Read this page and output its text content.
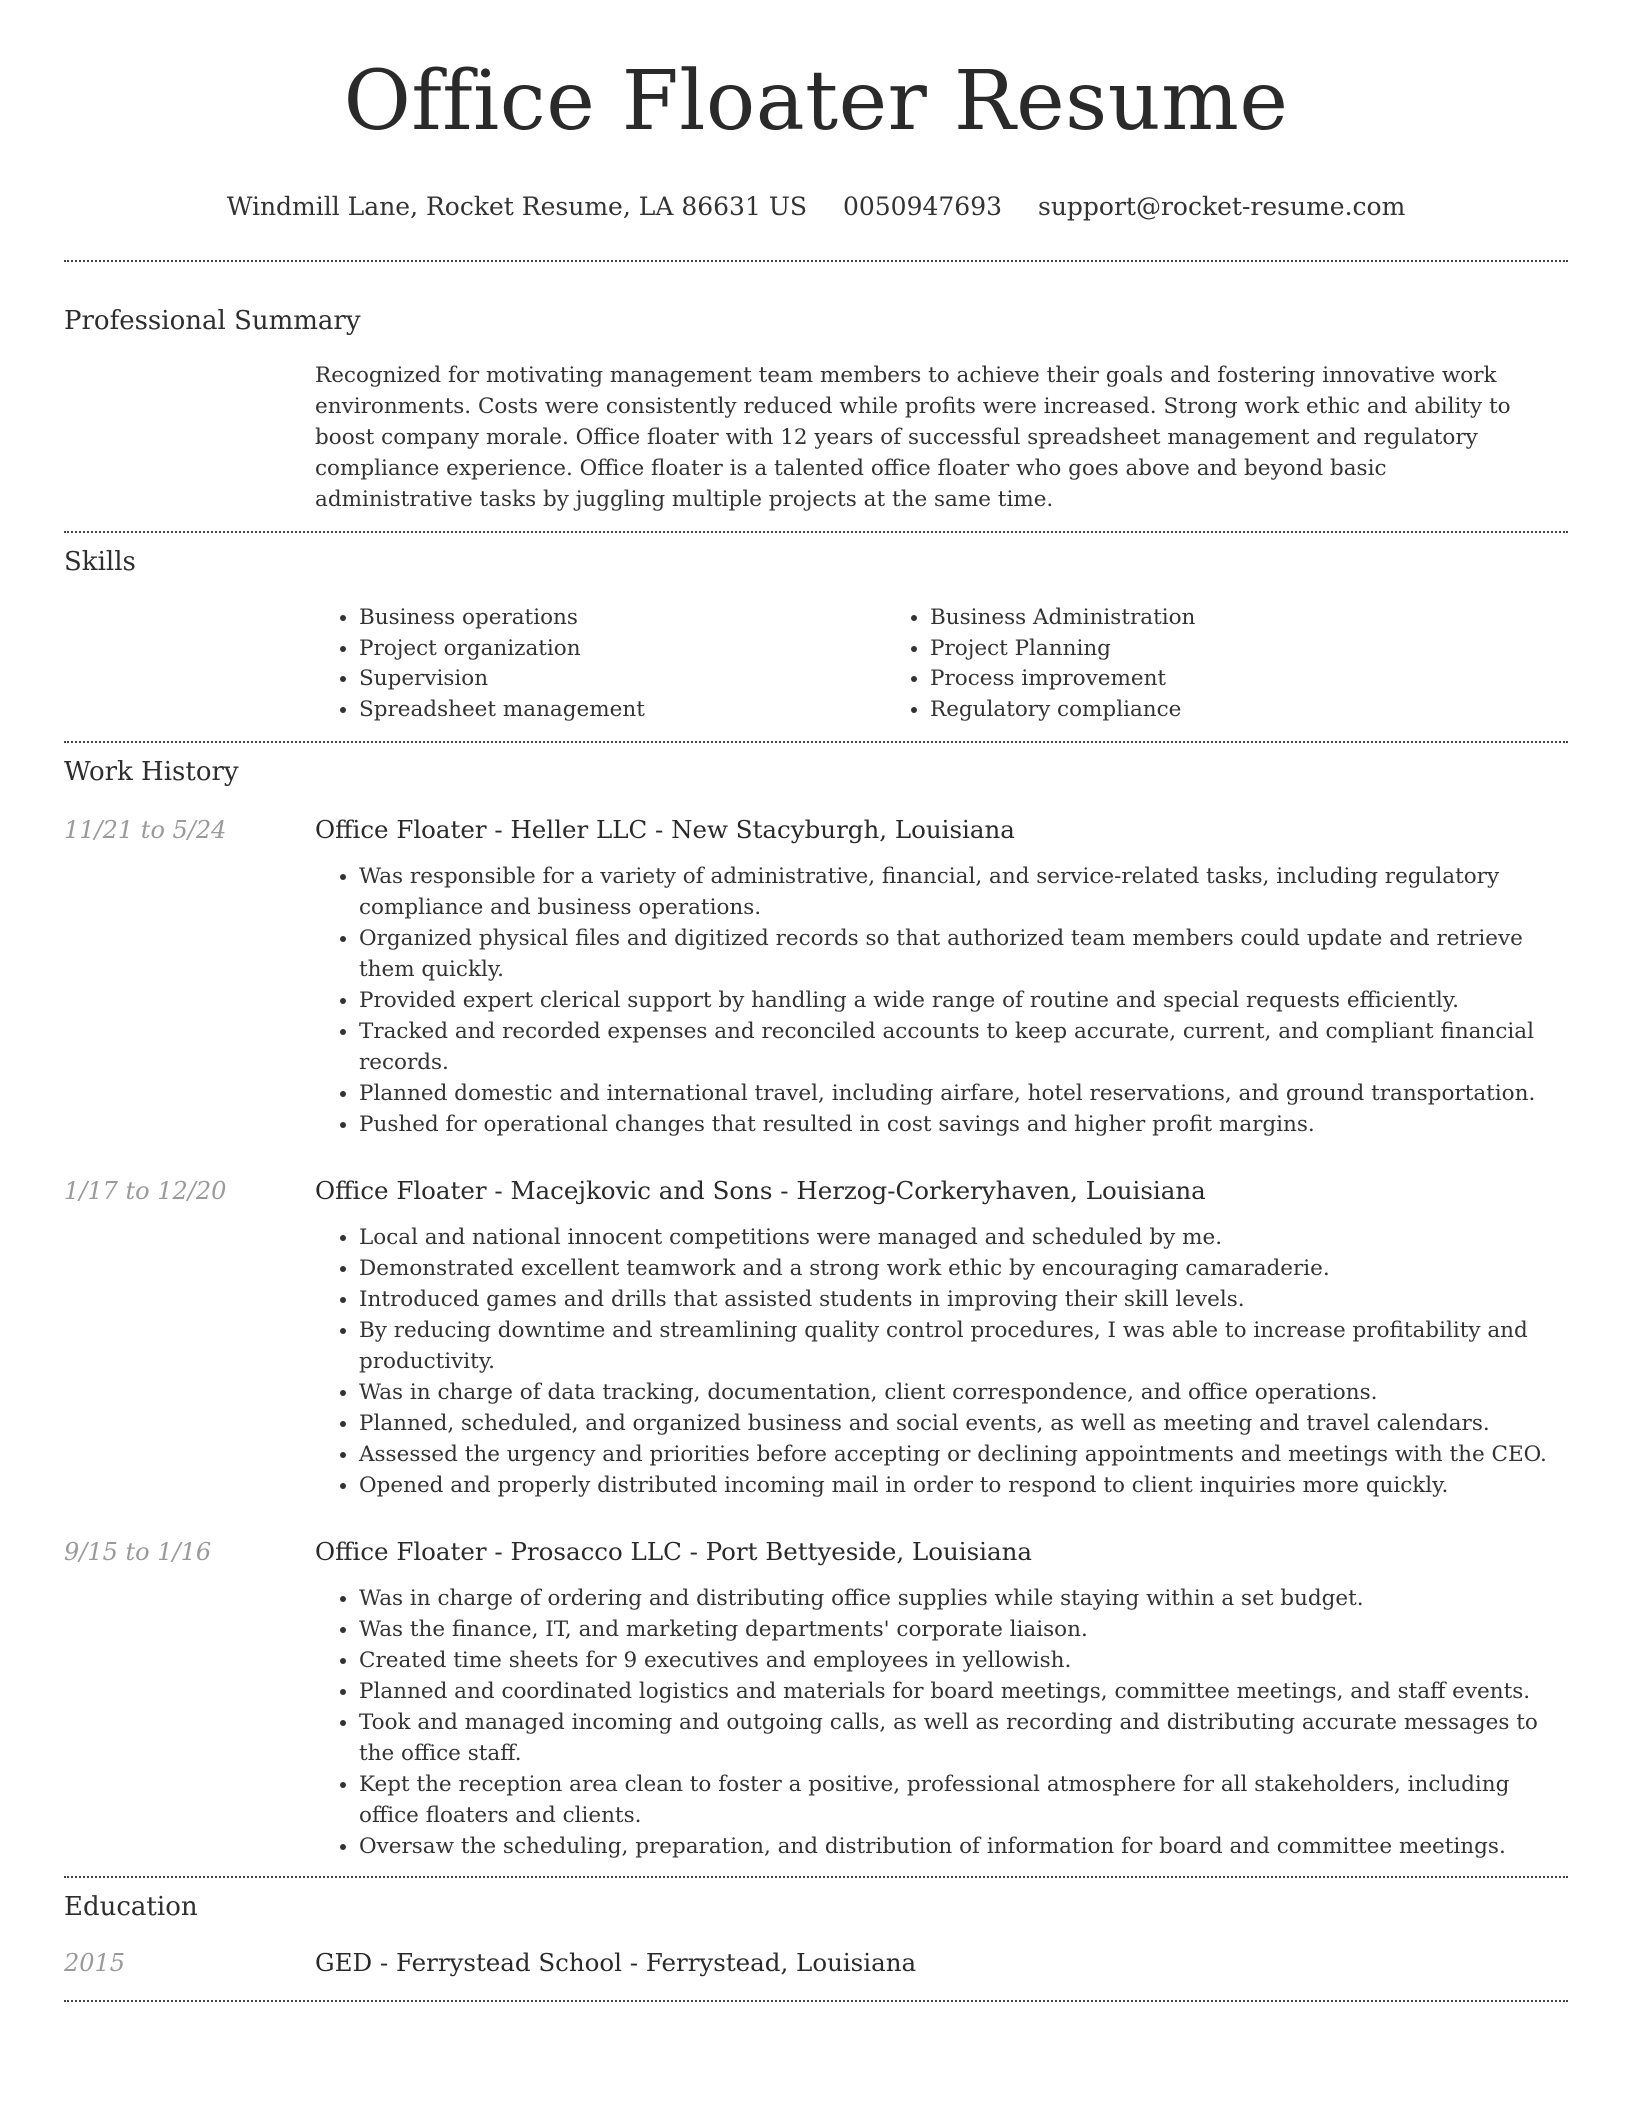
Office Floater Resume
Windmill Lane, Rocket Resume, LA 86631 US 0050947693 support@rocket-resume.com
Professional Summary
Recognized for motivating management team members to achieve their goals and fostering innovative work environments. Costs were consistently reduced while profits were increased. Strong work ethic and ability to boost company morale. Office floater with 12 years of successful spreadsheet management and regulatory compliance experience. Office floater is a talented office floater who goes above and beyond basic administrative tasks by juggling multiple projects at the same time.
Skills
• Business operations
• Project organization
• Supervision
• Spreadsheet management
• Business Administration
• Project Planning
• Process improvement
• Regulatory compliance
Work History
11/21 to 5/24	Office Floater - Heller LLC - New Stacyburgh, Louisiana
• Was responsible for a variety of administrative, financial, and service-related tasks, including regulatory compliance and business operations.
• Organized physical files and digitized records so that authorized team members could update and retrieve them quickly.
• Provided expert clerical support by handling a wide range of routine and special requests efficiently.
• Tracked and recorded expenses and reconciled accounts to keep accurate, current, and compliant financial records.
• Planned domestic and international travel, including airfare, hotel reservations, and ground transportation.
• Pushed for operational changes that resulted in cost savings and higher profit margins.
1/17 to 12/20	Office Floater - Macejkovic and Sons - Herzog-Corkeryhaven, Louisiana
• Local and national innocent competitions were managed and scheduled by me.
• Demonstrated excellent teamwork and a strong work ethic by encouraging camaraderie.
• Introduced games and drills that assisted students in improving their skill levels.
• By reducing downtime and streamlining quality control procedures, I was able to increase profitability and productivity.
• Was in charge of data tracking, documentation, client correspondence, and office operations.
• Planned, scheduled, and organized business and social events, as well as meeting and travel calendars.
• Assessed the urgency and priorities before accepting or declining appointments and meetings with the CEO.
• Opened and properly distributed incoming mail in order to respond to client inquiries more quickly.
9/15 to 1/16	Office Floater - Prosacco LLC - Port Bettyeside, Louisiana
• Was in charge of ordering and distributing office supplies while staying within a set budget.
• Was the finance, IT, and marketing departments' corporate liaison.
• Created time sheets for 9 executives and employees in yellowish.
• Planned and coordinated logistics and materials for board meetings, committee meetings, and staff events.
• Took and managed incoming and outgoing calls, as well as recording and distributing accurate messages to the office staff.
• Kept the reception area clean to foster a positive, professional atmosphere for all stakeholders, including office floaters and clients.
• Oversaw the scheduling, preparation, and distribution of information for board and committee meetings.
Education
2015	GED - Ferrystead School - Ferrystead, Louisiana
